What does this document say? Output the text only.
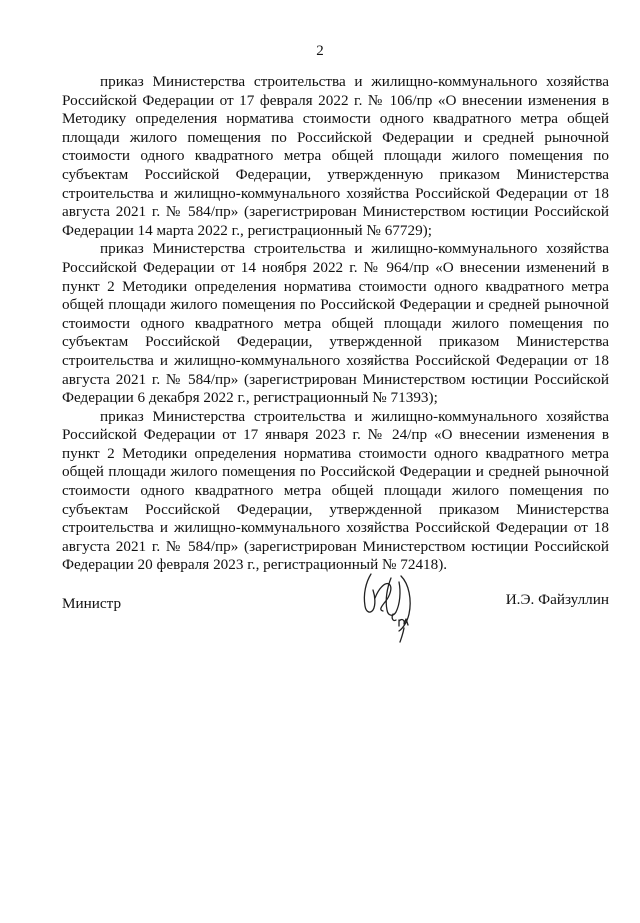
2

приказ Министерства строительства и жилищно-коммунального хозяйства Российской Федерации от 17 февраля 2022 г. № 106/пр «О внесении изменения в Методику определения норматива стоимости одного квадратного метра общей площади жилого помещения по Российской Федерации и средней рыночной стоимости одного квадратного метра общей площади жилого помещения по субъектам Российской Федерации, утвержденную приказом Министерства строительства и жилищно-коммунального хозяйства Российской Федерации от 18 августа 2021 г. № 584/пр» (зарегистрирован Министерством юстиции Российской Федерации 14 марта 2022 г., регистрационный № 67729);

приказ Министерства строительства и жилищно-коммунального хозяйства Российской Федерации от 14 ноября 2022 г. № 964/пр «О внесении изменений в пункт 2 Методики определения норматива стоимости одного квадратного метра общей площади жилого помещения по Российской Федерации и средней рыночной стоимости одного квадратного метра общей площади жилого помещения по субъектам Российской Федерации, утвержденной приказом Министерства строительства и жилищно-коммунального хозяйства Российской Федерации от 18 августа 2021 г. № 584/пр» (зарегистрирован Министерством юстиции Российской Федерации 6 декабря 2022 г., регистрационный № 71393);

приказ Министерства строительства и жилищно-коммунального хозяйства Российской Федерации от 17 января 2023 г. № 24/пр «О внесении изменения в пункт 2 Методики определения норматива стоимости одного квадратного метра общей площади жилого помещения по Российской Федерации и средней рыночной стоимости одного квадратного метра общей площади жилого помещения по субъектам Российской Федерации, утвержденной приказом Министерства строительства и жилищно-коммунального хозяйства Российской Федерации от 18 августа 2021 г. № 584/пр» (зарегистрирован Министерством юстиции Российской Федерации 20 февраля 2023 г., регистрационный № 72418).

Министр	И.Э. Файзуллин
